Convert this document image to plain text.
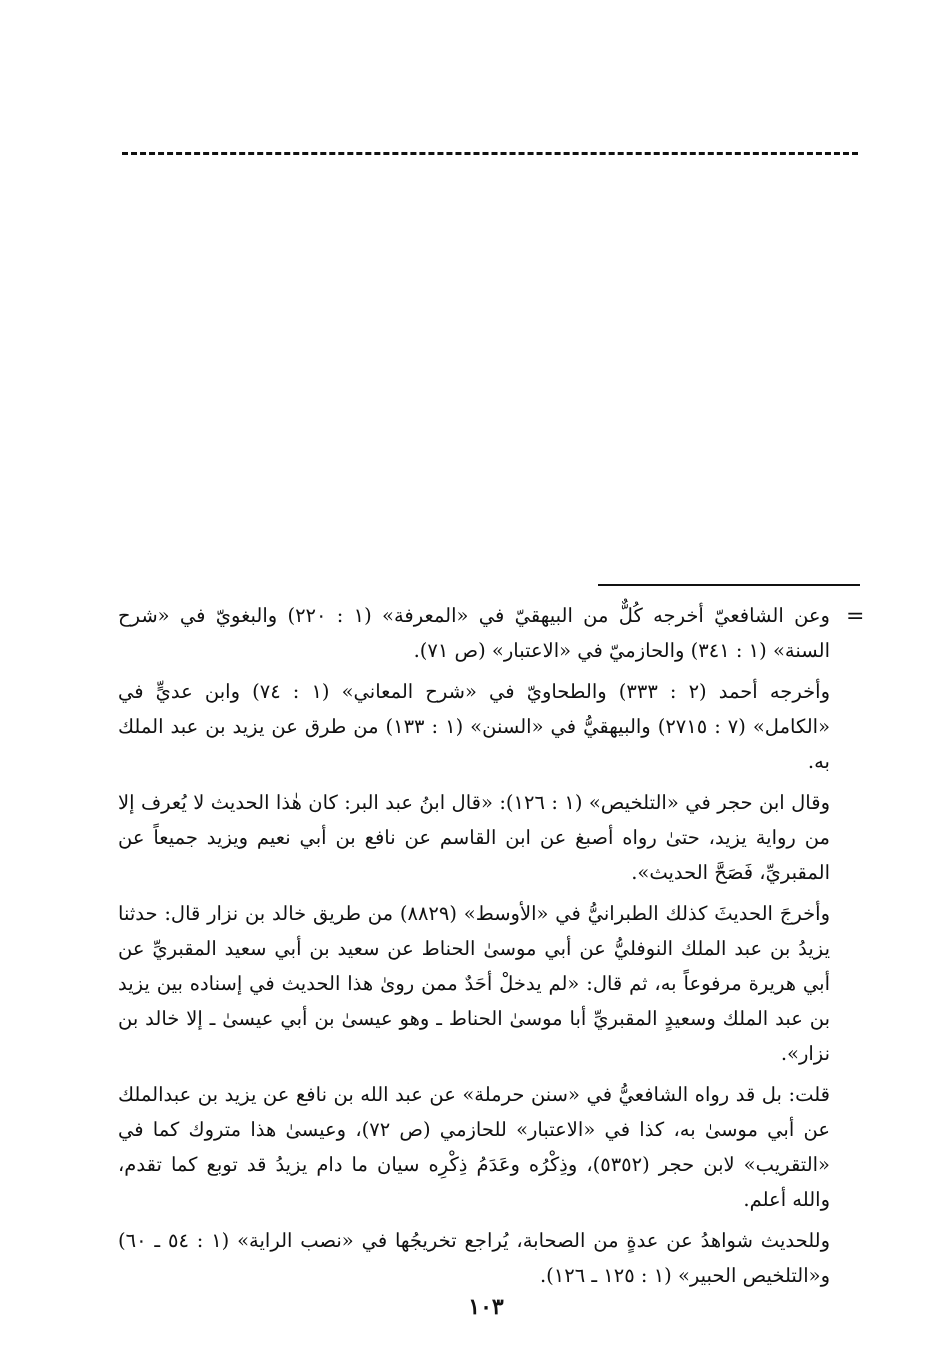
=

وعن الشافعيّ أخرجه كُلٌّ من البيهقيّ في «المعرفة» (١ : ٢٢٠) والبغويّ في «شرح السنة» (١ : ٣٤١) والحازميّ في «الاعتبار» (ص ٧١).

وأخرجه أحمد (٢ : ٣٣٣) والطحاويّ في «شرح المعاني» (١ : ٧٤) وابن عديٍّ في «الكامل» (٧ : ٢٧١٥) والبيهقيُّ في «السنن» (١ : ١٣٣) من طرق عن يزيد بن عبد الملك به.

وقال ابن حجر في «التلخيص» (١ : ١٢٦): «قال ابنُ عبد البر: كان هٰذا الحديث لا يُعرف إلا من رواية يزيد، حتىٰ رواه أصبغ عن ابن القاسم عن نافع بن أبي نعيم ويزيد جميعاً عن المقبريِّ، فَصَحَّ الحديث».

وأخرجَ الحديثَ كذلك الطبرانيُّ في «الأوسط» (٨٨٢٩) من طريق خالد بن نزار قال: حدثنا يزيدُ بن عبد الملك النوفليُّ عن أبي موسىٰ الحناط عن سعيد بن أبي سعيد المقبريِّ عن أبي هريرة مرفوعاً به، ثم قال: «لم يدخلْ أحَدٌ ممن روىٰ هذا الحديث في إسناده بين يزيد بن عبد الملك وسعيدٍ المقبريِّ أبا موسىٰ الحناط ـ وهو عيسىٰ بن أبي عيسىٰ ـ إلا خالد بن نزار».

قلت: بل قد رواه الشافعيُّ في «سنن حرملة» عن عبد الله بن نافع عن يزيد بن عبدالملك عن أبي موسىٰ به، كذا في «الاعتبار» للحازمي (ص ٧٢)، وعيسىٰ هذا متروك كما في «التقريب» لابن حجر (٥٣٥٢)، وذِكْرُه وعَدَمُ ذِكْرِه سيان ما دام يزيدُ قد توبع كما تقدم، والله أعلم.

وللحديث شواهدُ عن عدةٍ من الصحابة، يُراجع تخريجُها في «نصب الراية» (١ : ٥٤ ـ ٦٠) و«التلخيص الحبير» (١ : ١٢٥ ـ ١٢٦).

١٠٣
